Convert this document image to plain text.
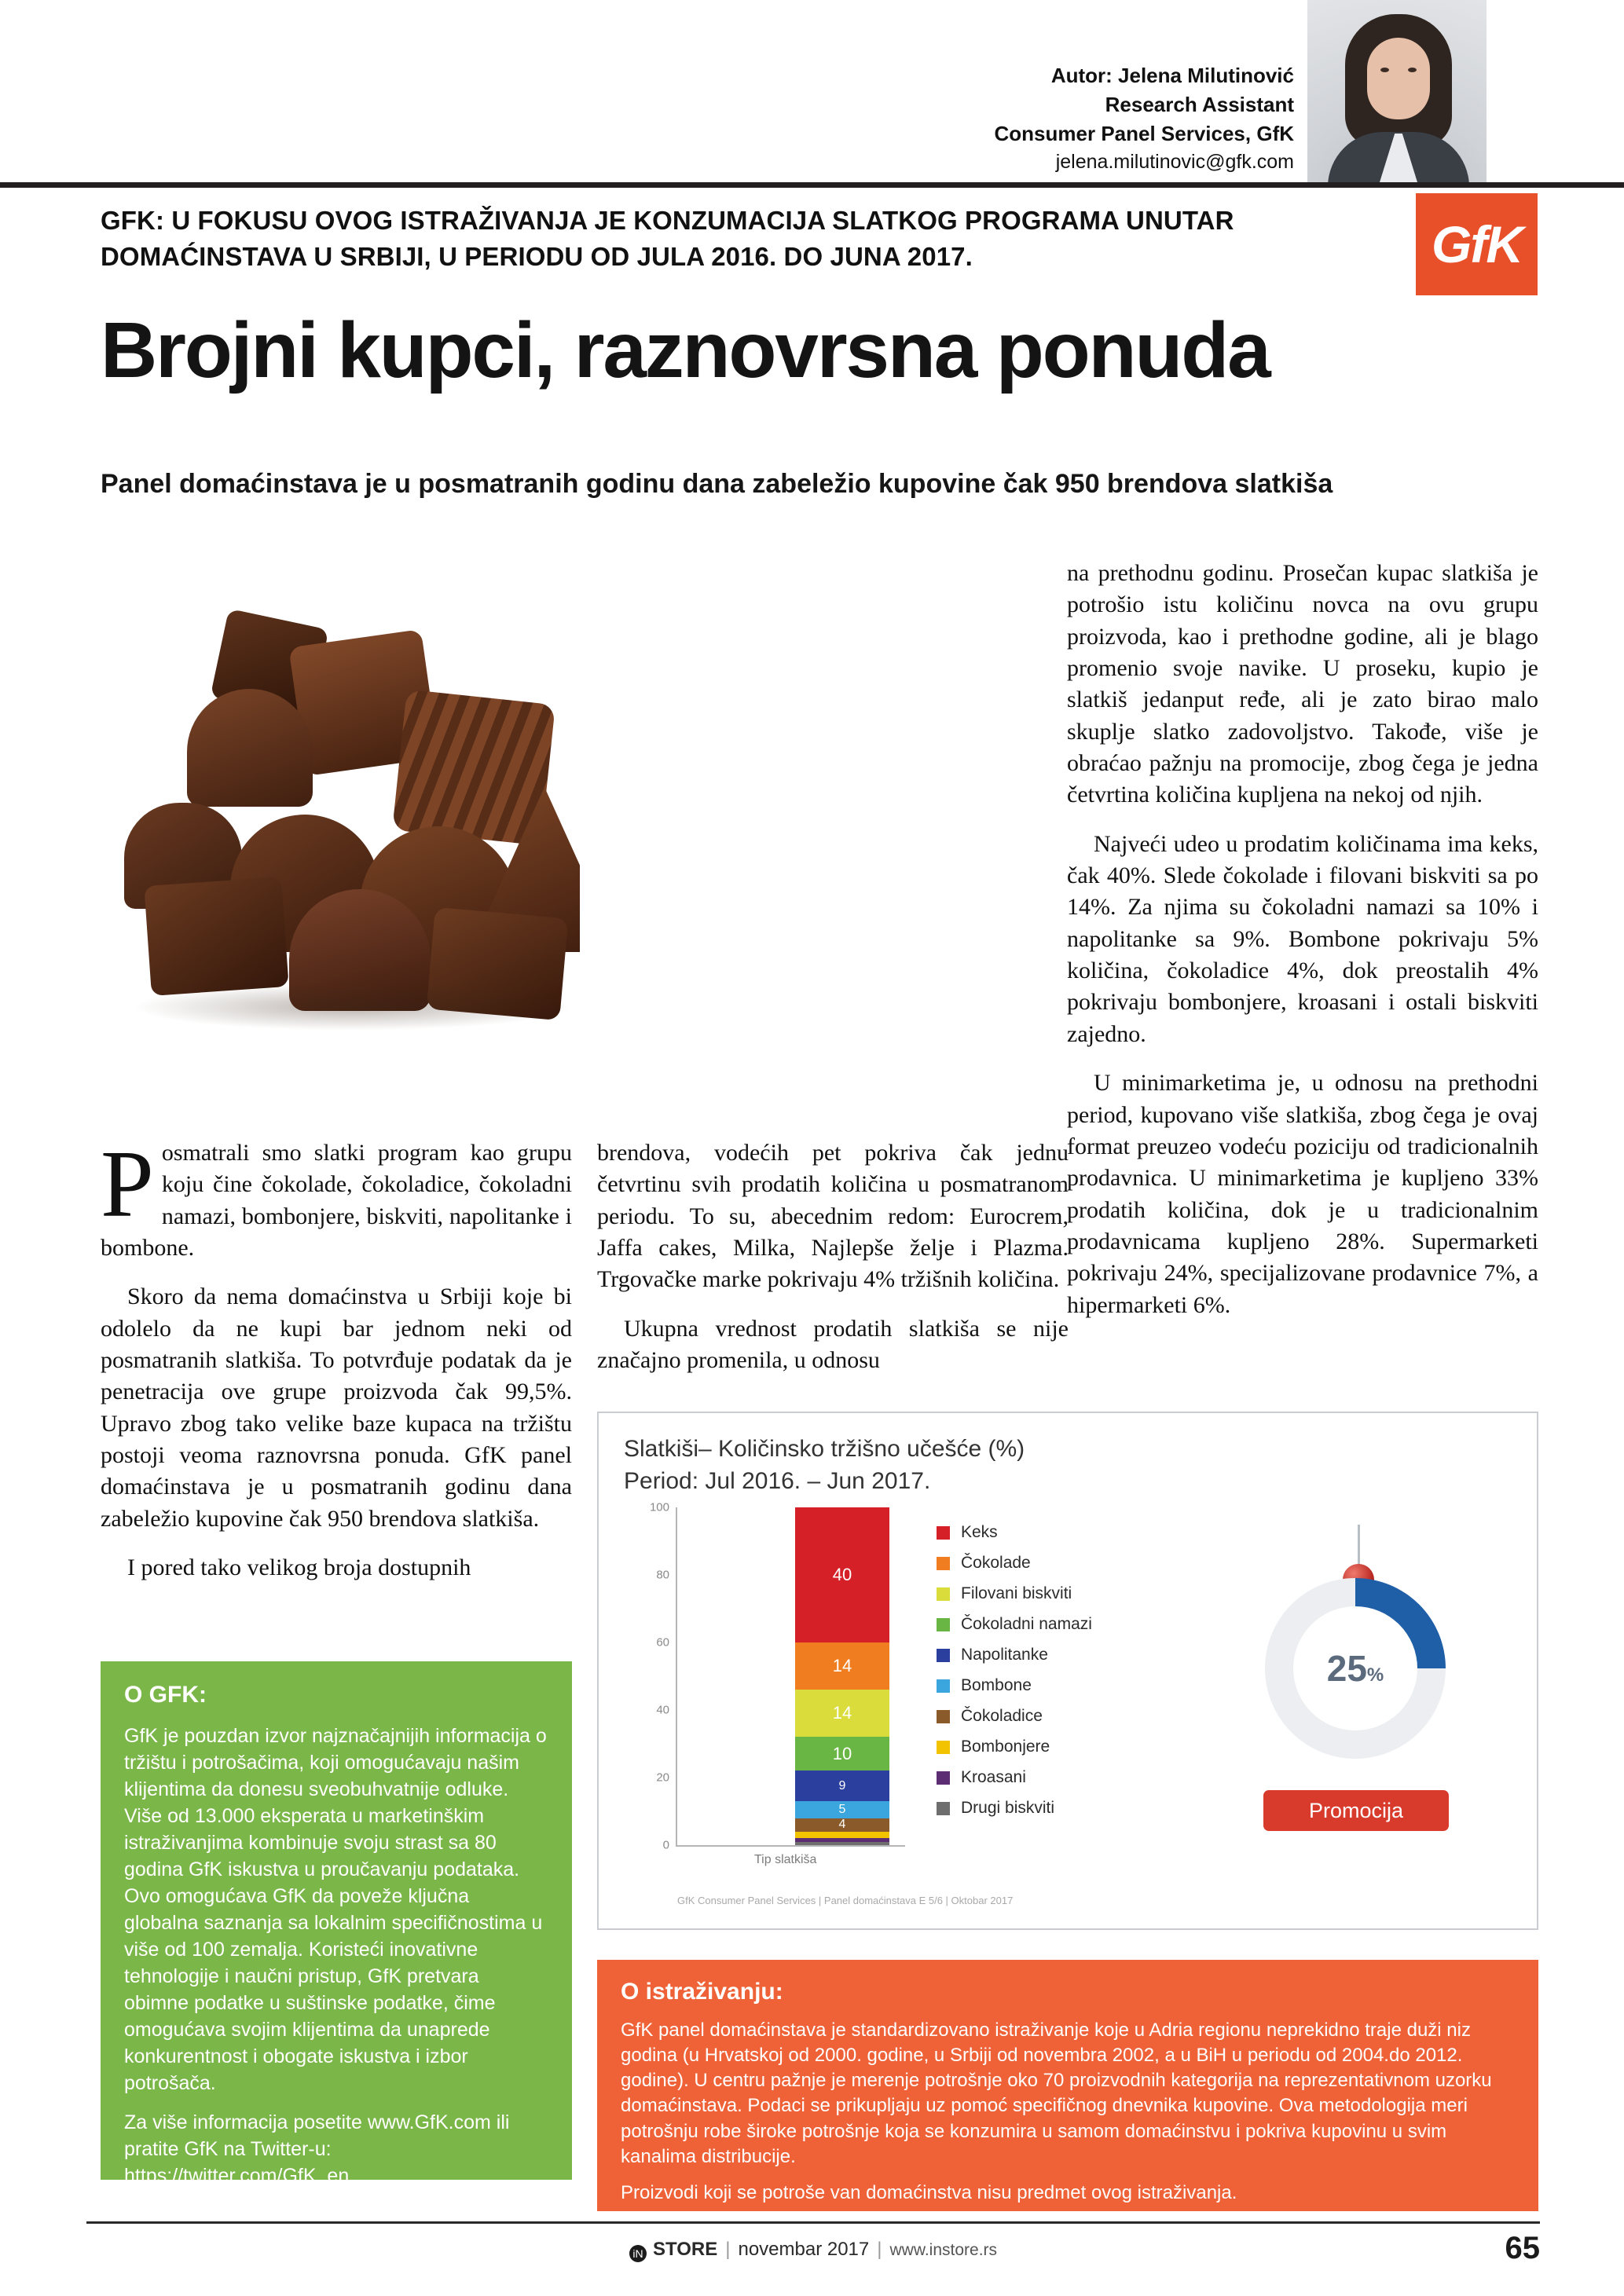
Autor: Jelena Milutinović
Research Assistant
Consumer Panel Services, GfK
jelena.milutinovic@gfk.com
GFK: U FOKUSU OVOG ISTRAŽIVANJA JE KONZUMACIJA SLATKOG PROGRAMA UNUTAR DOMAĆINSTAVA U SRBIJI, U PERIODU OD JULA 2016. DO JUNA 2017.	GfK
Brojni kupci, raznovrsna ponuda
Panel domaćinstava je u posmatranih godinu dana zabeležio kupovine čak 950 brendova slatkiša

Posmatrali smo slatki program kao grupu koju čine čokolade, čokoladice, čokoladni namazi, bombonjere, biskviti, napolitanke i bombone.

Skoro da nema domaćinstva u Srbiji koje bi odolelo da ne kupi bar jednom neki od posmatranih slatkiša. To potvrđuje podatak da je penetracija ove grupe proizvoda čak 99,5%. Upravo zbog tako velike baze kupaca na tržištu postoji veoma raznovrsna ponuda. GfK panel domaćinstava je u posmatranih godinu dana zabeležio kupovine čak 950 brendova slatkiša.

I pored tako velikog broja dostupnih

brendova, vodećih pet pokriva čak jednu četvrtinu svih prodatih količina u posmatranom periodu. To su, abecednim redom: Eurocrem, Jaffa cakes, Milka, Najlepše želje i Plazma. Trgovačke marke pokrivaju 4% tržišnih količina.

Ukupna vrednost prodatih slatkiša se nije značajno promenila, u odnosu

na prethodnu godinu. Prosečan kupac slatkiša je potrošio istu količinu novca na ovu grupu proizvoda, kao i prethodne godine, ali je blago promenio svoje navike. U proseku, kupio je slatkiš jedanput ređe, ali je zato birao malo skuplje slatko zadovoljstvo. Takođe, više je obraćao pažnju na promocije, zbog čega je jedna četvrtina količina kupljena na nekoj od njih.

Najveći udeo u prodatim količinama ima keks, čak 40%. Slede čokolade i filovani biskviti sa po 14%. Za njima su čokoladni namazi sa 10% i napolitanke sa 9%. Bombone pokrivaju 5% količina, čokoladice 4%, dok preostalih 4% pokrivaju bombonjere, kroasani i ostali biskviti zajedno.

U minimarketima je, u odnosu na prethodni period, kupovano više slatkiša, zbog čega je ovaj format preuzeo vodeću poziciju od tradicionalnih prodavnica. U minimarketima je kupljeno 33% prodatih količina, dok je u tradicionalnim prodavnicama kupljeno 28%. Supermarketi pokrivaju 24%, specijalizovane prodavnice 7%, a hipermarketi 6%.

O GFK:

GfK je pouzdan izvor najznačajnijih informacija o tržištu i potrošačima, koji omogućavaju našim klijentima da donesu sveobuhvatnije odluke. Više od 13.000 eksperata u marketinškim istraživanjima kombinuje svoju strast sa 80 godina GfK iskustva u proučavanju podataka. Ovo omogućava GfK da poveže ključna globalna saznanja sa lokalnim specifičnostima u više od 100 zemalja. Koristeći inovativne tehnologije i naučni pristup, GfK pretvara obimne podatke u suštinske podatke, čime omogućava svojim klijentima da unaprede konkurentnost i obogate iskustva i izbor potrošača.

Za više informacija posetite www.GfK.com ili pratite GfK na Twitter-u: https://twitter.com/GfK_en

Slatkiši– Količinsko tržišno učešće (%)
Period: Jul 2016. – Jun 2017.
100
80
60
40
20
0
40
14
14
10
9
5
4
Tip slatkiša
Keks
Čokolade
Filovani biskviti
Čokoladni namazi
Napolitanke
Bombone
Čokoladice
Bombonjere
Kroasani
Drugi biskviti
GfK Consumer Panel Services | Panel domaćinstava Е 5/6 | Oktobar 2017
25%
Promocija
O istraživanju:

GfK panel domaćinstava je standardizovano istraživanje koje u Adria regionu neprekidno traje duži niz godina (u Hrvatskoj od 2000. godine, u Srbiji od novembra 2002, a u BiH u periodu od 2004.do 2012. godine). U centru pažnje je merenje potrošnje oko 70 proizvodnih kategorija na reprezentativnom uzorku domaćinstava. Podaci se prikupljaju uz pomoć specifičnog dnevnika kupovine. Ova metodologija meri potrošnju robe široke potrošnje koja se konzumira u samom domaćinstvu i pokriva kupovinu u svim kanalima distribucije.

Proizvodi koji se potroše van domaćinstva nisu predmet ovog istraživanja.

iN STORE | novembar 2017 | www.instore.rs	65
